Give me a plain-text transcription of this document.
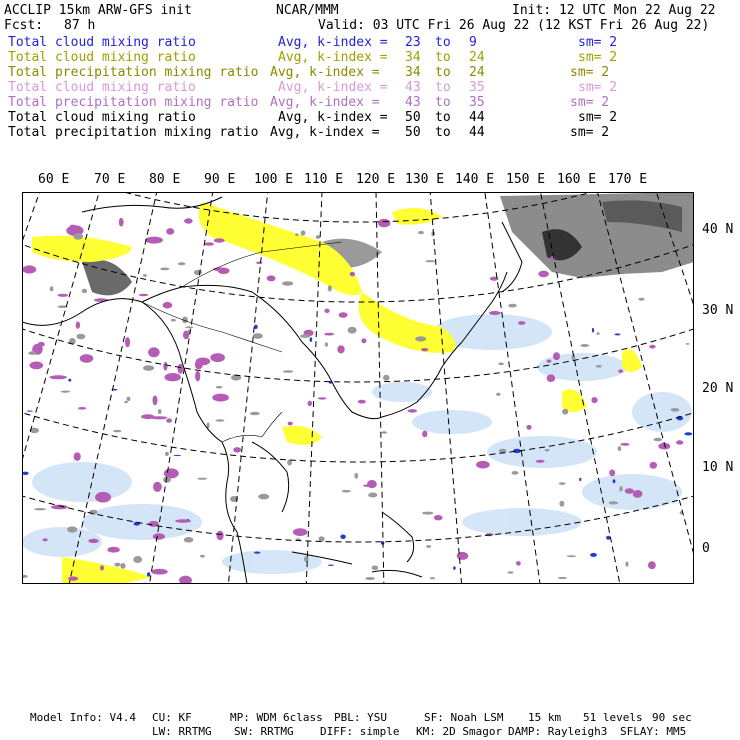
ACCLIP 15km ARW-GFS init	NCAR/MMM	Init: 12 UTC Mon 22 Aug 22
Fcst: 87 h	Valid: 03 UTC Fri 26 Aug 22 (12 KST Fri 26 Aug 22)
Total cloud mixing ratio	Avg, k-index = 23 to 9	sm= 2
Total cloud mixing ratio	Avg, k-index = 34 to 24	sm= 2
Total precipitation mixing ratio Avg, k-index = 34 to 24	sm= 2
Total cloud mixing ratio	Avg, k-index = 43 to 35	sm= 2
Total precipitation mixing ratio Avg, k-index = 43 to 35	sm= 2
Total cloud mixing ratio	Avg, k-index = 50 to 44	sm= 2
Total precipitation mixing ratio Avg, k-index = 50 to 44	sm= 2
60 E 70 E 80 E 90 E 100 E 110 E 120 E 130 E 140 E 150 E 160 E 170 E
40 N
30 N
20 N
10 N
0
Model Info: V4.4 CU: KF	MP: WDM 6class PBL: YSU	SF: Noah LSM 15 km 51 levels 90 sec
LW: RRTMG SW: RRTMG DIFF: simple KM: 2D Smagor DAMP: Rayleigh3 SFLAY: MM5
